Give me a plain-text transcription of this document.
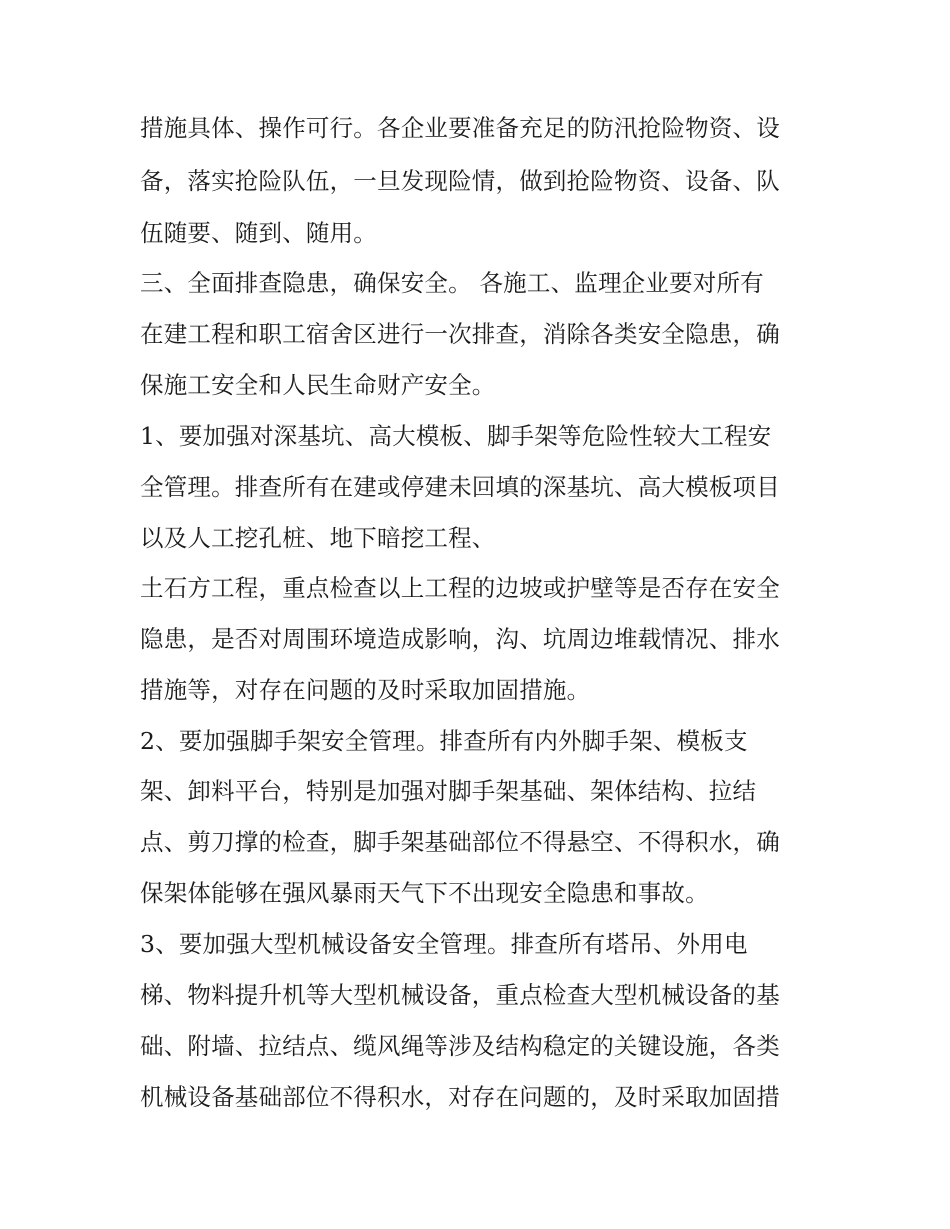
措施具体、操作可行。各企业要准备充足的防汛抢险物资、设
备，落实抢险队伍，一旦发现险情，做到抢险物资、设备、队
伍随要、随到、随用。
三、全面排查隐患，确保安全。 各施工、监理企业要对所有
在建工程和职工宿舍区进行一次排查，消除各类安全隐患，确
保施工安全和人民生命财产安全。
1、要加强对深基坑、高大模板、脚手架等危险性较大工程安
全管理。排查所有在建或停建未回填的深基坑、高大模板项目
以及人工挖孔桩、地下暗挖工程、
土石方工程，重点检查以上工程的边坡或护壁等是否存在安全
隐患，是否对周围环境造成影响，沟、坑周边堆载情况、排水
措施等，对存在问题的及时采取加固措施。
2、要加强脚手架安全管理。排查所有内外脚手架、模板支
架、卸料平台，特别是加强对脚手架基础、架体结构、拉结
点、剪刀撑的检查，脚手架基础部位不得悬空、不得积水，确
保架体能够在强风暴雨天气下不出现安全隐患和事故。
3、要加强大型机械设备安全管理。排查所有塔吊、外用电
梯、物料提升机等大型机械设备，重点检查大型机械设备的基
础、附墙、拉结点、缆风绳等涉及结构稳定的关键设施，各类
机械设备基础部位不得积水，对存在问题的，及时采取加固措
